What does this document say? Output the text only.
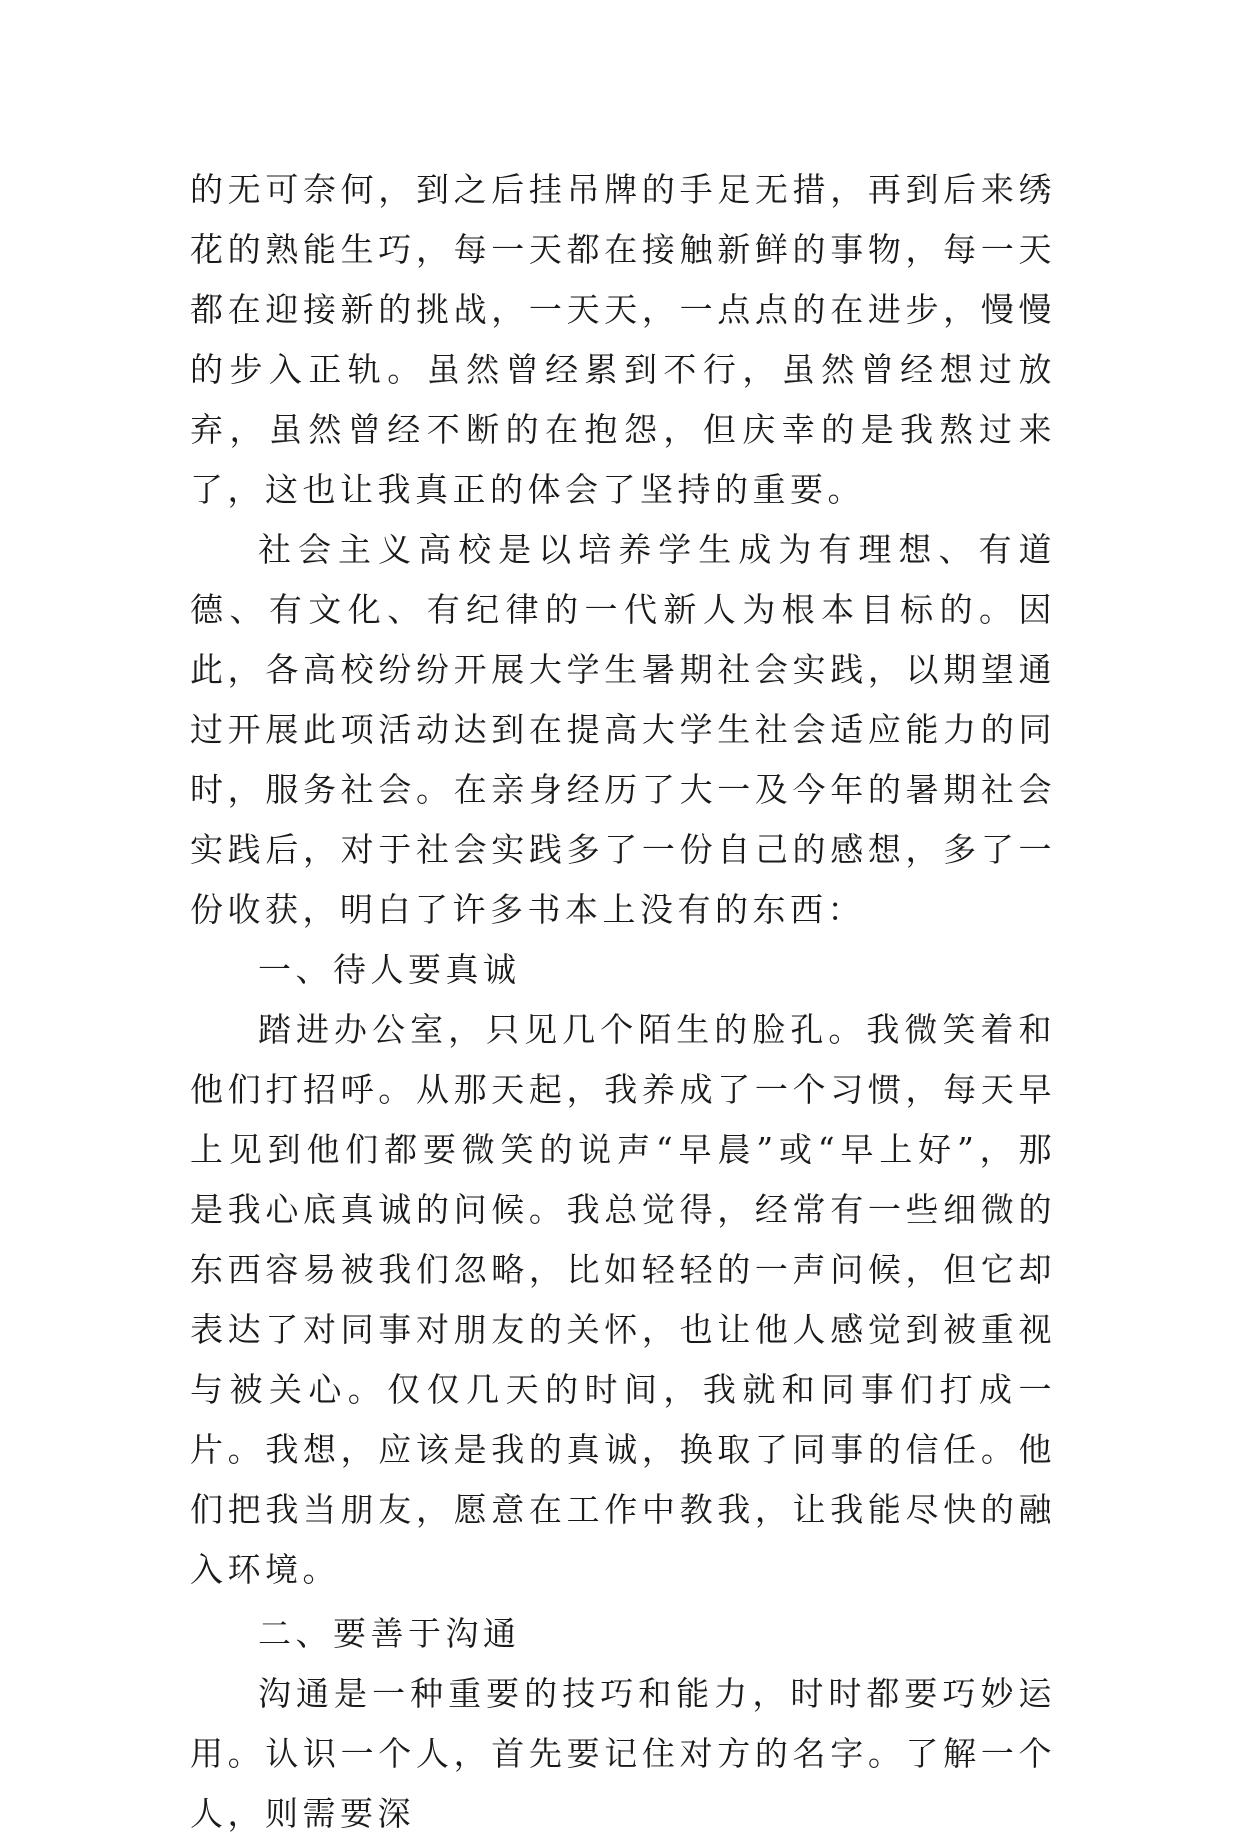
的无可奈何，到之后挂吊牌的手足无措，再到后来绣花的熟能生巧，每一天都在接触新鲜的事物，每一天都在迎接新的挑战，一天天，一点点的在进步，慢慢的步入正轨。虽然曾经累到不行，虽然曾经想过放弃，虽然曾经不断的在抱怨，但庆幸的是我熬过来了，这也让我真正的体会了坚持的重要。

社会主义高校是以培养学生成为有理想、有道德、有文化、有纪律的一代新人为根本目标的。因此，各高校纷纷开展大学生暑期社会实践，以期望通过开展此项活动达到在提高大学生社会适应能力的同时，服务社会。在亲身经历了大一及今年的暑期社会实践后，对于社会实践多了一份自己的感想，多了一份收获，明白了许多书本上没有的东西：

一、待人要真诚

踏进办公室，只见几个陌生的脸孔。我微笑着和他们打招呼。从那天起，我养成了一个习惯，每天早上见到他们都要微笑的说声“早晨”或“早上好”，那是我心底真诚的问候。我总觉得，经常有一些细微的东西容易被我们忽略，比如轻轻的一声问候，但它却表达了对同事对朋友的关怀，也让他人感觉到被重视与被关心。仅仅几天的时间，我就和同事们打成一片。我想，应该是我的真诚，换取了同事的信任。他们把我当朋友，愿意在工作中教我，让我能尽快的融入环境。

二、要善于沟通

沟通是一种重要的技巧和能力，时时都要巧妙运用。认识一个人，首先要记住对方的名字。了解一个人，则需要深
